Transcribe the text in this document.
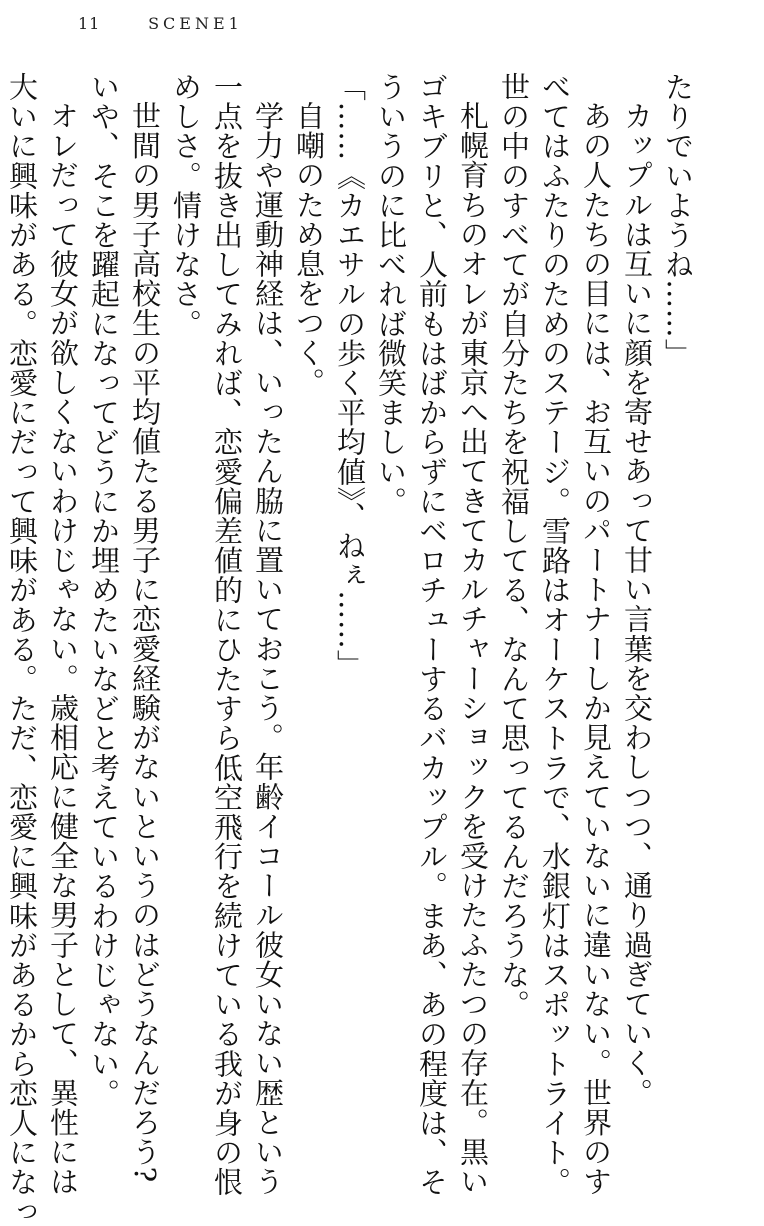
11	SCENE1
たりでいようね……」
カップルは互いに顔を寄せあって甘い言葉を交わしつつ、通り過ぎていく。
あの人たちの目には、お互いのパートナーしか見えていないに違いない。世界のす
べてはふたりのためのステージ。雪路はオーケストラで、水銀灯はスポットライト。
世の中のすべてが自分たちを祝福してる、なんて思ってるんだろうな。
札幌育ちのオレが東京へ出てきてカルチャーショックを受けたふたつの存在。黒い
ゴキブリと、人前もはばからずにベロチューするバカップル。まあ、あの程度は、そ
ういうのに比べれば微笑ましい。
「……《カエサルの歩く平均値》、ねぇ……」
自嘲のため息をつく。
学力や運動神経は、いったん脇に置いておこう。年齢イコール彼女いない歴という
一点を抜き出してみれば、恋愛偏差値的にひたすら低空飛行を続けている我が身の恨
めしさ。情けなさ。
世間の男子高校生の平均値たる男子に恋愛経験がないというのはどうなんだろう?
いや、そこを躍起になってどうにか埋めたいなどと考えているわけじゃない。
オレだって彼女が欲しくないわけじゃない。歳相応に健全な男子として、異性には
大いに興味がある。恋愛にだって興味がある。ただ、恋愛に興味があるから恋人になっ
